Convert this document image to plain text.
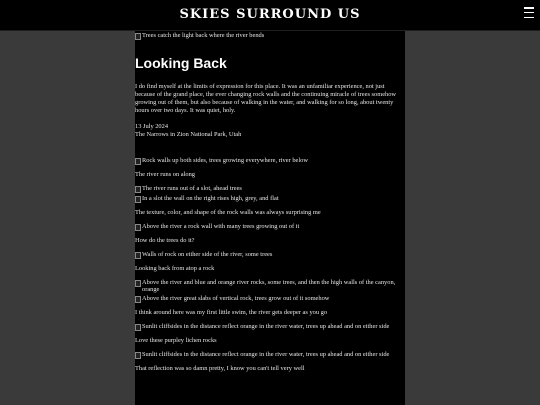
SKIES SURROUND US
Trees catch the light back where the river bends
Looking Back

I do find myself at the limits of expression for this place. It was an unfamiliar experience, not just because of the grand place, the ever changing rock walls and the continuing miracle of trees somehow growing out of them, but also because of walking in the water, and walking for so long, about twenty hours over two days. It was quiet, holy.

13 July 2024

The Narrows in Zion National Park, Utah

Rock walls up both sides, trees growing everywhere, river below

The river runs on along

The river runs out of a slot, ahead trees
In a slot the wall on the right rises high, grey, and flat

The texture, color, and shape of the rock walls was always surprising me

Above the river a rock wall with many trees growing out of it

How do the trees do it?

Walls of rock on either side of the river, some trees

Looking back from atop a rock

Above the river and blue and orange river rocks, some trees, and then the high walls of the canyon, orange
Above the river great slabs of vertical rock, trees grow out of it somehow

I think around here was my first little swim, the river gets deeper as you go

Sunlit cliffsides in the distance reflect orange in the river water, trees up ahead and on either side

Love these purpley lichen rocks

Sunlit cliffsides in the distance reflect orange in the river water, trees up ahead and on either side

That reflection was so damn pretty, I know you can't tell very well
